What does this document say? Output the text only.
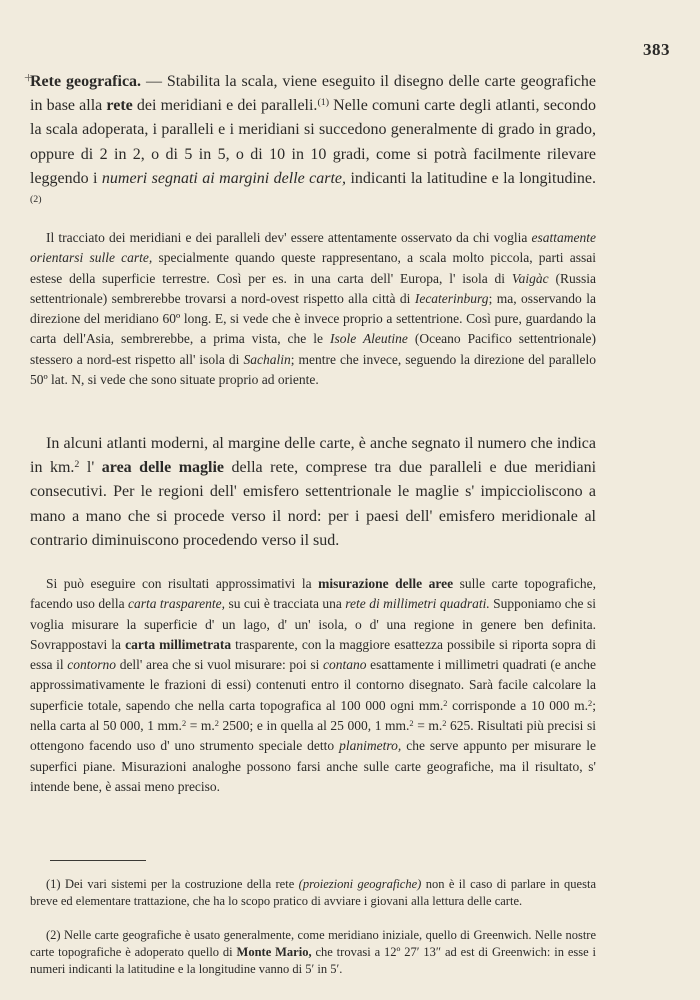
383
+

Rete geografica. — Stabilita la scala, viene eseguito il disegno delle carte geografiche in base alla rete dei meridiani e dei paralleli.$^{(1)}$ Nelle comuni carte degli atlanti, secondo la scala adoperata, i paralleli e i meridiani si succedono generalmente di grado in grado, oppure di 2 in 2, o di 5 in 5, o di 10 in 10 gradi, come si potrà facilmente rilevare leggendo i numeri segnati ai margini delle carte, indicanti la latitudine e la longitudine.$^{(2)}$

Il tracciato dei meridiani e dei paralleli dev' essere attentamente osservato da chi voglia esattamente orientarsi sulle carte, specialmente quando queste rappresentano, a scala molto piccola, parti assai estese della superficie terrestre. Così per es. in una carta dell' Europa, l' isola di Vaigàc (Russia settentrionale) sembrerebbe trovarsi a nord-ovest rispetto alla città di Iecaterinburg; ma, osservando la direzione del meridiano 60º long. E, si vede che è invece proprio a settentrione. Così pure, guardando la carta dell'Asia, sembrerebbe, a prima vista, che le Isole Aleutine (Oceano Pacifico settentrionale) stessero a nord-est rispetto all' isola di Sachalin; mentre che invece, seguendo la direzione del parallelo 50º lat. N, si vede che sono situate proprio ad oriente.

In alcuni atlanti moderni, al margine delle carte, è anche segnato il numero che indica in km.$^2$ l' area delle maglie della rete, comprese tra due paralleli e due meridiani consecutivi. Per le regioni dell' emisfero settentrionale le maglie s' impiccioliscono a mano a mano che si procede verso il nord: per i paesi dell' emisfero meridionale al contrario diminuiscono procedendo verso il sud.

Si può eseguire con risultati approssimativi la misurazione delle aree sulle carte topografiche, facendo uso della carta trasparente, su cui è tracciata una rete di millimetri quadrati. Supponiamo che si voglia misurare la superficie d' un lago, d' un' isola, o d' una regione in genere ben definita. Sovrappostavi la carta millimetrata trasparente, con la maggiore esattezza possibile si riporta sopra di essa il contorno dell' area che si vuol misurare: poi si contano esattamente i millimetri quadrati (e anche approssimativamente le frazioni di essi) contenuti entro il contorno disegnato. Sarà facile calcolare la superficie totale, sapendo che nella carta topografica al 100 000 ogni mm.$^2$ corrisponde a 10 000 m.$^2$; nella carta al 50 000, 1 mm.$^2$ = m.$^2$ 2500; e in quella al 25 000, 1 mm.$^2$ = m.$^2$ 625. Risultati più precisi si ottengono facendo uso d' uno strumento speciale detto planimetro, che serve appunto per misurare le superfici piane. Misurazioni analoghe possono farsi anche sulle carte geografiche, ma il risultato, s' intende bene, è assai meno preciso.

(1) Dei vari sistemi per la costruzione della rete (proiezioni geografiche) non è il caso di parlare in questa breve ed elementare trattazione, che ha lo scopo pratico di avviare i giovani alla lettura delle carte.

(2) Nelle carte geografiche è usato generalmente, come meridiano iniziale, quello di Greenwich. Nelle nostre carte topografiche è adoperato quello di Monte Mario, che trovasi a 12º 27′ 13″ ad est di Greenwich: in esse i numeri indicanti la latitudine e la longitudine vanno di 5′ in 5′.
